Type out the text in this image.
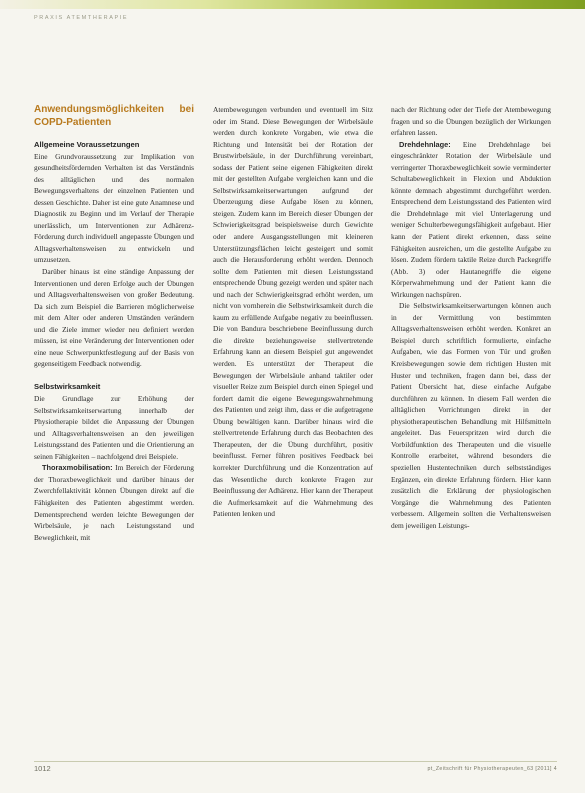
PRAXIS ATEMTHERAPIE
Anwendungsmöglichkeiten bei COPD-Patienten
Allgemeine Voraussetzungen

Eine Grundvoraussetzung zur Implikation von gesundheitsfördernden Verhalten ist das Verständnis des alltäglichen und des normalen Bewegungsverhaltens der einzelnen Patienten und dessen Geschichte. Daher ist eine gute Anamnese und Diagnostik zu Beginn und im Verlauf der Therapie unerlässlich, um Interventionen zur Adhärenz-Förderung durch individuell angepasste Übungen und Alltagsverhaltensweisen zu entwickeln und umzusetzen.

Darüber hinaus ist eine ständige Anpassung der Interventionen und deren Erfolge auch der Übungen und Alltagsverhaltensweisen von großer Bedeutung. Da sich zum Beispiel die Barrieren möglicherweise mit dem Alter oder anderen Umständen verändern und die Ziele immer wieder neu definiert werden müssen, ist eine Veränderung der Interventionen oder eine neue Schwerpunktfestlegung auf der Basis von gegenseitigem Feedback notwendig.

Selbstwirksamkeit

Die Grundlage zur Erhöhung der Selbstwirksamkeitserwartung innerhalb der Physiotherapie bildet die Anpassung der Übungen und Alltagsverhaltensweisen an den jeweiligen Leistungsstand des Patienten und die Orientierung an seinen Fähigkeiten – nachfolgend drei Beispiele.

Thoraxmobilisation: Im Bereich der Förderung der Thoraxbeweglichkeit und darüber hinaus der Zwerchfellaktivität können Übungen direkt auf die Fähigkeiten des Patienten abgestimmt werden. Dementsprechend werden leichte Bewegungen der Wirbelsäule, je nach Leistungsstand und Beweglichkeit, mit

Atembewegungen verbunden und eventuell im Sitz oder im Stand. Diese Bewegungen der Wirbelsäule werden durch konkrete Vorgaben, wie etwa die Richtung und Intensität bei der Rotation der Brustwirbelsäule, in der Durchführung vereinbart, sodass der Patient seine eigenen Fähigkeiten direkt mit der gestellten Aufgabe vergleichen kann und die Selbstwirksamkeitserwartungen aufgrund der Überzeugung diese Aufgabe lösen zu können, steigen. Zudem kann im Bereich dieser Übungen der Schwierigkeitsgrad beispielsweise durch Gewichte oder andere Ausgangsstellungen mit kleineren Unterstützungsflächen leicht gesteigert und somit auch die Herausforderung erhöht werden. Dennoch sollte dem Patienten mit diesen Leistungsstand entsprechende Übung gezeigt werden und später nach und nach der Schwierigkeitsgrad erhöht werden, um nicht von vornherein die Selbstwirksamkeit durch die kaum zu erfüllende Aufgabe negativ zu beeinflussen. Die von Bandura beschriebene Beeinflussung durch die direkte beziehungsweise stellvertretende Erfahrung kann an diesem Beispiel gut angewendet werden. Es unterstützt der Therapeut die Bewegungen der Wirbelsäule anhand taktiler oder visueller Reize zum Beispiel durch einen Spiegel und fordert damit die eigene Bewegungswahrnehmung des Patienten und zeigt ihm, dass er die aufgetragene Übung bewältigen kann. Darüber hinaus wird die stellvertretende Erfahrung durch das Beobachten des Therapeuten, der die Übung durchführt, positiv beeinflusst. Ferner führen positives Feedback bei korrekter Durchführung und die Konzentration auf das Wesentliche durch konkrete Fragen zur Beeinflussung der Adhärenz. Hier kann der Therapeut die Aufmerksamkeit auf die Wahrnehmung des Patienten lenken und

nach der Richtung oder der Tiefe der Atembewegung fragen und so die Übungen bezüglich der Wirkungen erfahren lassen.

Drehdehnlage: Eine Drehdehnlage bei eingeschränkter Rotation der Wirbelsäule und verringerter Thoraxbeweglichkeit sowie verminderter Schultabeweglichkeit in Flexion und Abduktion könnte demnach abgestimmt durchgeführt werden. Entsprechend dem Leistungsstand des Patienten wird die Drehdehnlage mit viel Unterlagerung und weniger Schulterbewegungsfähigkeit aufgebaut. Hier kann der Patient direkt erkennen, dass seine Fähigkeiten ausreichen, um die gestellte Aufgabe zu lösen. Zudem fördern taktile Reize durch Packegriffe (Abb. 3) oder Hautanegriffe die eigene Körperwahrnehmung und der Patient kann die Wirkungen nachspüren.

Die Selbstwirksamkeitserwartungen können auch in der Vermittlung von bestimmten Alltagsverhaltensweisen erhöht werden. Konkret an Beispiel durch schriftlich formulierte, einfache Aufgaben, wie das Formen von Tür und großen Kreisbewegungen sowie dem richtigen Husten mit Huster und techniken, fragen dann bei, dass der Patient Übersicht hat, diese einfache Aufgabe durchführen zu können. In diesem Fall werden die alltäglichen Vorrichtungen direkt in der physiotherapeutischen Behandlung mit Hilfsmitteln angeleitet. Das Feuerspritzen wird durch die Vorbildfunktion des Therapeuten und die visuelle Kontrolle erarbeitet, während besonders die speziellen Hustentechniken durch selbstständiges Ergänzen, ein direkte Erfahrung fördern. Hier kann zusätzlich die Erklärung der physiologischen Vorgänge die Wahrnehmung des Patienten verbessern. Allgemein sollten die Verhaltensweisen dem jeweiligen Leistungs-

1012	pt_Zeitschrift für Physiotherapeuten_63 [2011] 4
